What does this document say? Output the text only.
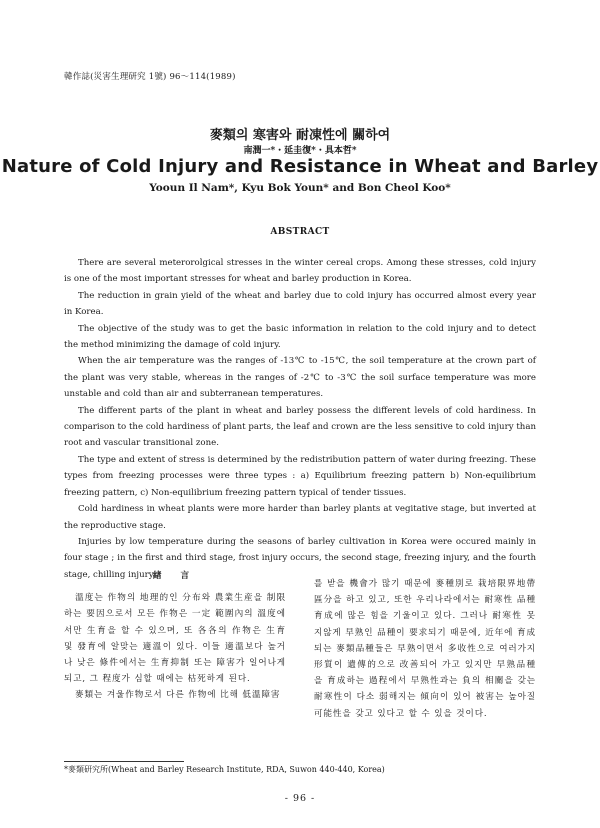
韓作誌(災害生理研究 1號) 96～114(1989)
麥類의 寒害와 耐凍性에 關하여
南潤一*・延圭復*・具本哲*
Nature of Cold Injury and Resistance in Wheat and Barley
Yooun Il Nam*, Kyu Bok Youn* and Bon Cheol Koo*
ABSTRACT

There are several meterorolgical stresses in the winter cereal crops. Among these stresses, cold injury is one of the most important stresses for wheat and barley production in Korea.

The reduction in grain yield of the wheat and barley due to cold injury has occurred almost every year in Korea.

The objective of the study was to get the basic information in relation to the cold injury and to detect the method minimizing the damage of cold injury.

When the air temperature was the ranges of -13℃ to -15℃, the soil temperature at the crown part of the plant was very stable, whereas in the ranges of -2℃ to -3℃ the soil surface temperature was more unstable and cold than air and subterranean temperatures.

The different parts of the plant in wheat and barley possess the different levels of cold hardiness. In comparison to the cold hardiness of plant parts, the leaf and crown are the less sensitive to cold injury than root and vascular transitional zone.

The type and extent of stress is determined by the redistribution pattern of water during freezing. These types from freezing processes were three types : a) Equilibrium freezing pattern b) Non-equilibrium freezing pattern, c) Non-equilibrium freezing pattern typical of tender tissues.

Cold hardiness in wheat plants were more harder than barley plants at vegitative stage, but inverted at the reproductive stage.

Injuries by low temperature during the seasons of barley cultivation in Korea were occured mainly in four stage ; in the first and third stage, frost injury occurs, the second stage, freezing injury, and the fourth stage, chilling injury.

緖 言

溫度는 作物의 地理的인 分布와 農業生産을 制限하는 要因으로서 모든 作物은 一定 範圍內의 溫度에서만 生育을 할 수 있으며, 또 各各의 作物은 生育 및 發育에 알맞는 適溫이 있다. 이들 適溫보다 높거나 낮은 條件에서는 生育抑制 또는 障害가 일어나게 되고, 그 程度가 심할 때에는 枯死하게 된다.

麥類는 겨울作物로서 다른 作物에 比해 低溫障害

를 받을 機會가 많기 때문에 麥種別로 栽培限界地帶 區分을 하고 있고, 또한 우리나라에서는 耐寒性 品種育成에 많은 힘을 기울이고 있다. 그러나 耐寒性 못지않게 早熟인 品種이 要求되기 때문에, 近年에 育成되는 麥類品種들은 早熟이면서 多收性으로 여러가지 形質이 遺傳的으로 改善되어 가고 있지만 早熟品種을 育成하는 過程에서 早熟性과는 負의 相關을 갖는 耐寒性이 다소 弱해지는 傾向이 있어 被害는 높아질 可能性을 갖고 있다고 할 수 있을 것이다.

*麥類研究所(Wheat and Barley Research Institute, RDA, Suwon 440-440, Korea)
- 96 -
